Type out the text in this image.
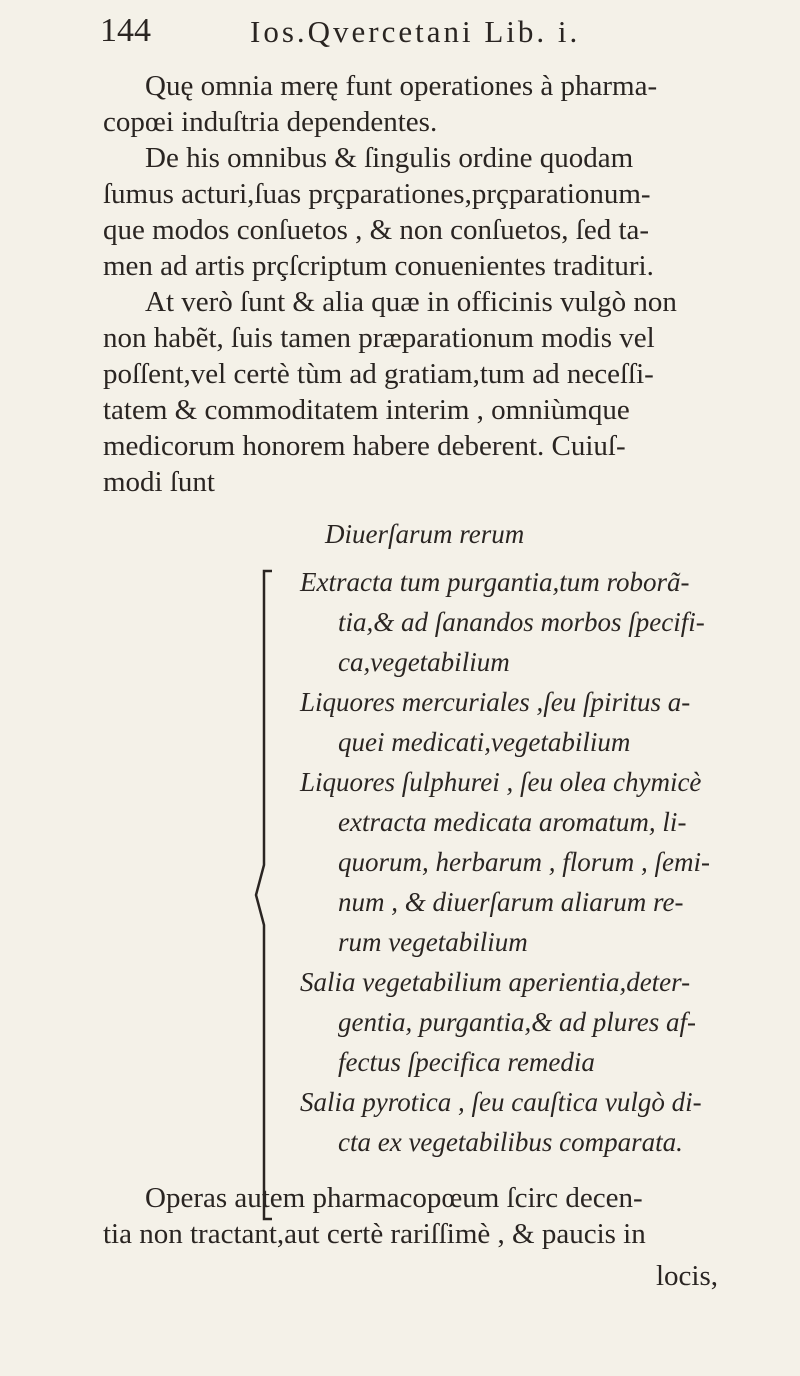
144	Ios.Qvercetani Lib. i.
Quę omnia merę funt operationes à pharma-
copœi induſtria dependentes.
De his omnibus & ſingulis ordine quodam
ſumus acturi,ſuas prçparationes,prçparationum-
que modos conſuetos , & non conſuetos, ſed ta-
men ad artis prçſcriptum conuenientes tradituri.
At verò ſunt & alia quæ in officinis vulgò non
non habẽt, ſuis tamen præparationum modis vel
poſſent,vel certè tùm ad gratiam,tum ad neceſſi-
tatem & commoditatem interim , omniùmque
medicorum honorem habere deberent. Cuiuſ-
modi ſunt
Diuerſarum rerum
Extracta tum purgantia,tum roborã-
tia,& ad ſanandos morbos ſpecifi-
ca,vegetabilium
Liquores mercuriales ,ſeu ſpiritus a-
quei medicati,vegetabilium
Liquores ſulphurei , ſeu olea chymicè
extracta medicata aromatum, li-
quorum, herbarum , florum , ſemi-
num , & diuerſarum aliarum re-
rum vegetabilium
Salia vegetabilium aperientia,deter-
gentia, purgantia,& ad plures af-
fectus ſpecifica remedia
Salia pyrotica , ſeu cauſtica vulgò di-
cta ex vegetabilibus comparata.
Operas autem pharmacopœum ſcirc decen-
tia non tractant,aut certè rariſſimè , & paucis in
locis,
